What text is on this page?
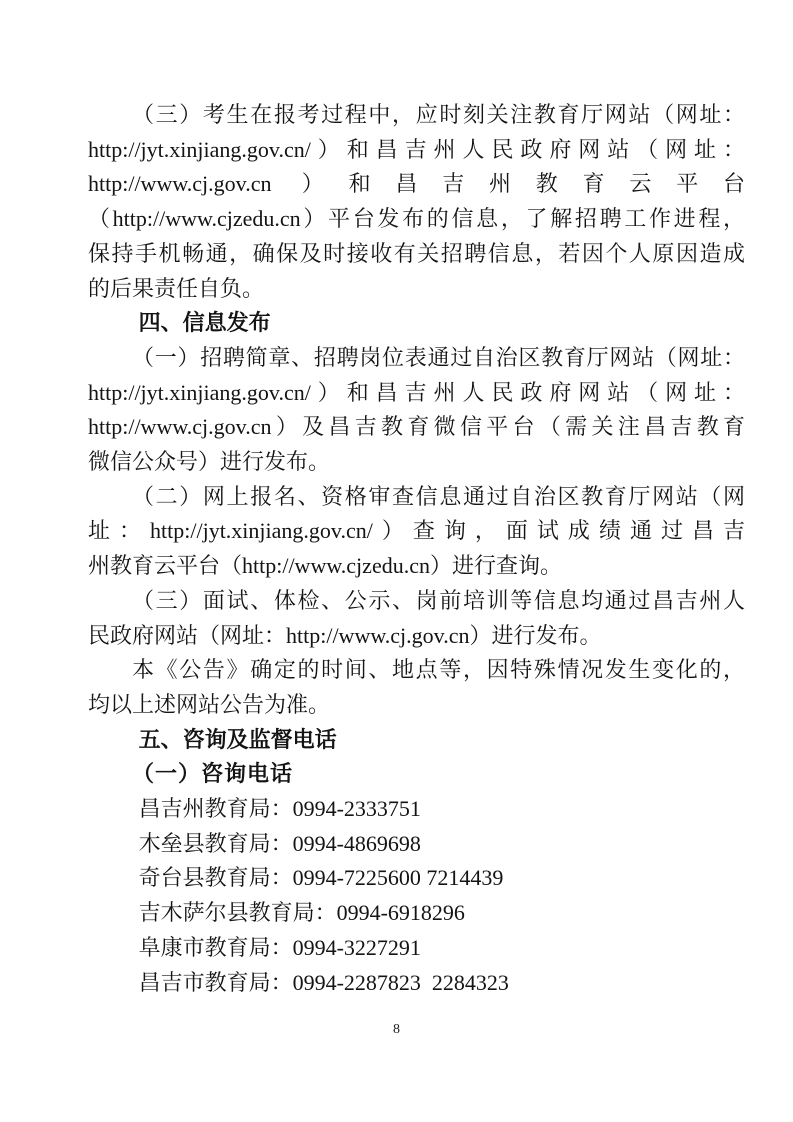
（三）考生在报考过程中，应时刻关注教育厅网站（网址：
http://jyt.xinjiang.gov.cn/）和昌吉州人民政府网站（网址：
http://www.cj.gov.cn ）和昌吉州教育云平台
（http://www.cjzedu.cn）平台发布的信息，了解招聘工作进程，
保持手机畅通，确保及时接收有关招聘信息，若因个人原因造成
的后果责任自负。
四、信息发布
（一）招聘简章、招聘岗位表通过自治区教育厅网站（网址：
http://jyt.xinjiang.gov.cn/）和昌吉州人民政府网站（网址：
http://www.cj.gov.cn）及昌吉教育微信平台（需关注昌吉教育
微信公众号）进行发布。
（二）网上报名、资格审查信息通过自治区教育厅网站（网
址：http://jyt.xinjiang.gov.cn/）查询，面试成绩通过昌吉
州教育云平台（http://www.cjzedu.cn）进行查询。
（三）面试、体检、公示、岗前培训等信息均通过昌吉州人
民政府网站（网址：http://www.cj.gov.cn）进行发布。
本《公告》确定的时间、地点等，因特殊情况发生变化的，
均以上述网站公告为准。
五、咨询及监督电话
（一）咨询电话
昌吉州教育局：0994-2333751
木垒县教育局：0994-4869698
奇台县教育局：0994-7225600 7214439
吉木萨尔县教育局：0994-6918296
阜康市教育局：0994-3227291
昌吉市教育局：0994-2287823  2284323
8
